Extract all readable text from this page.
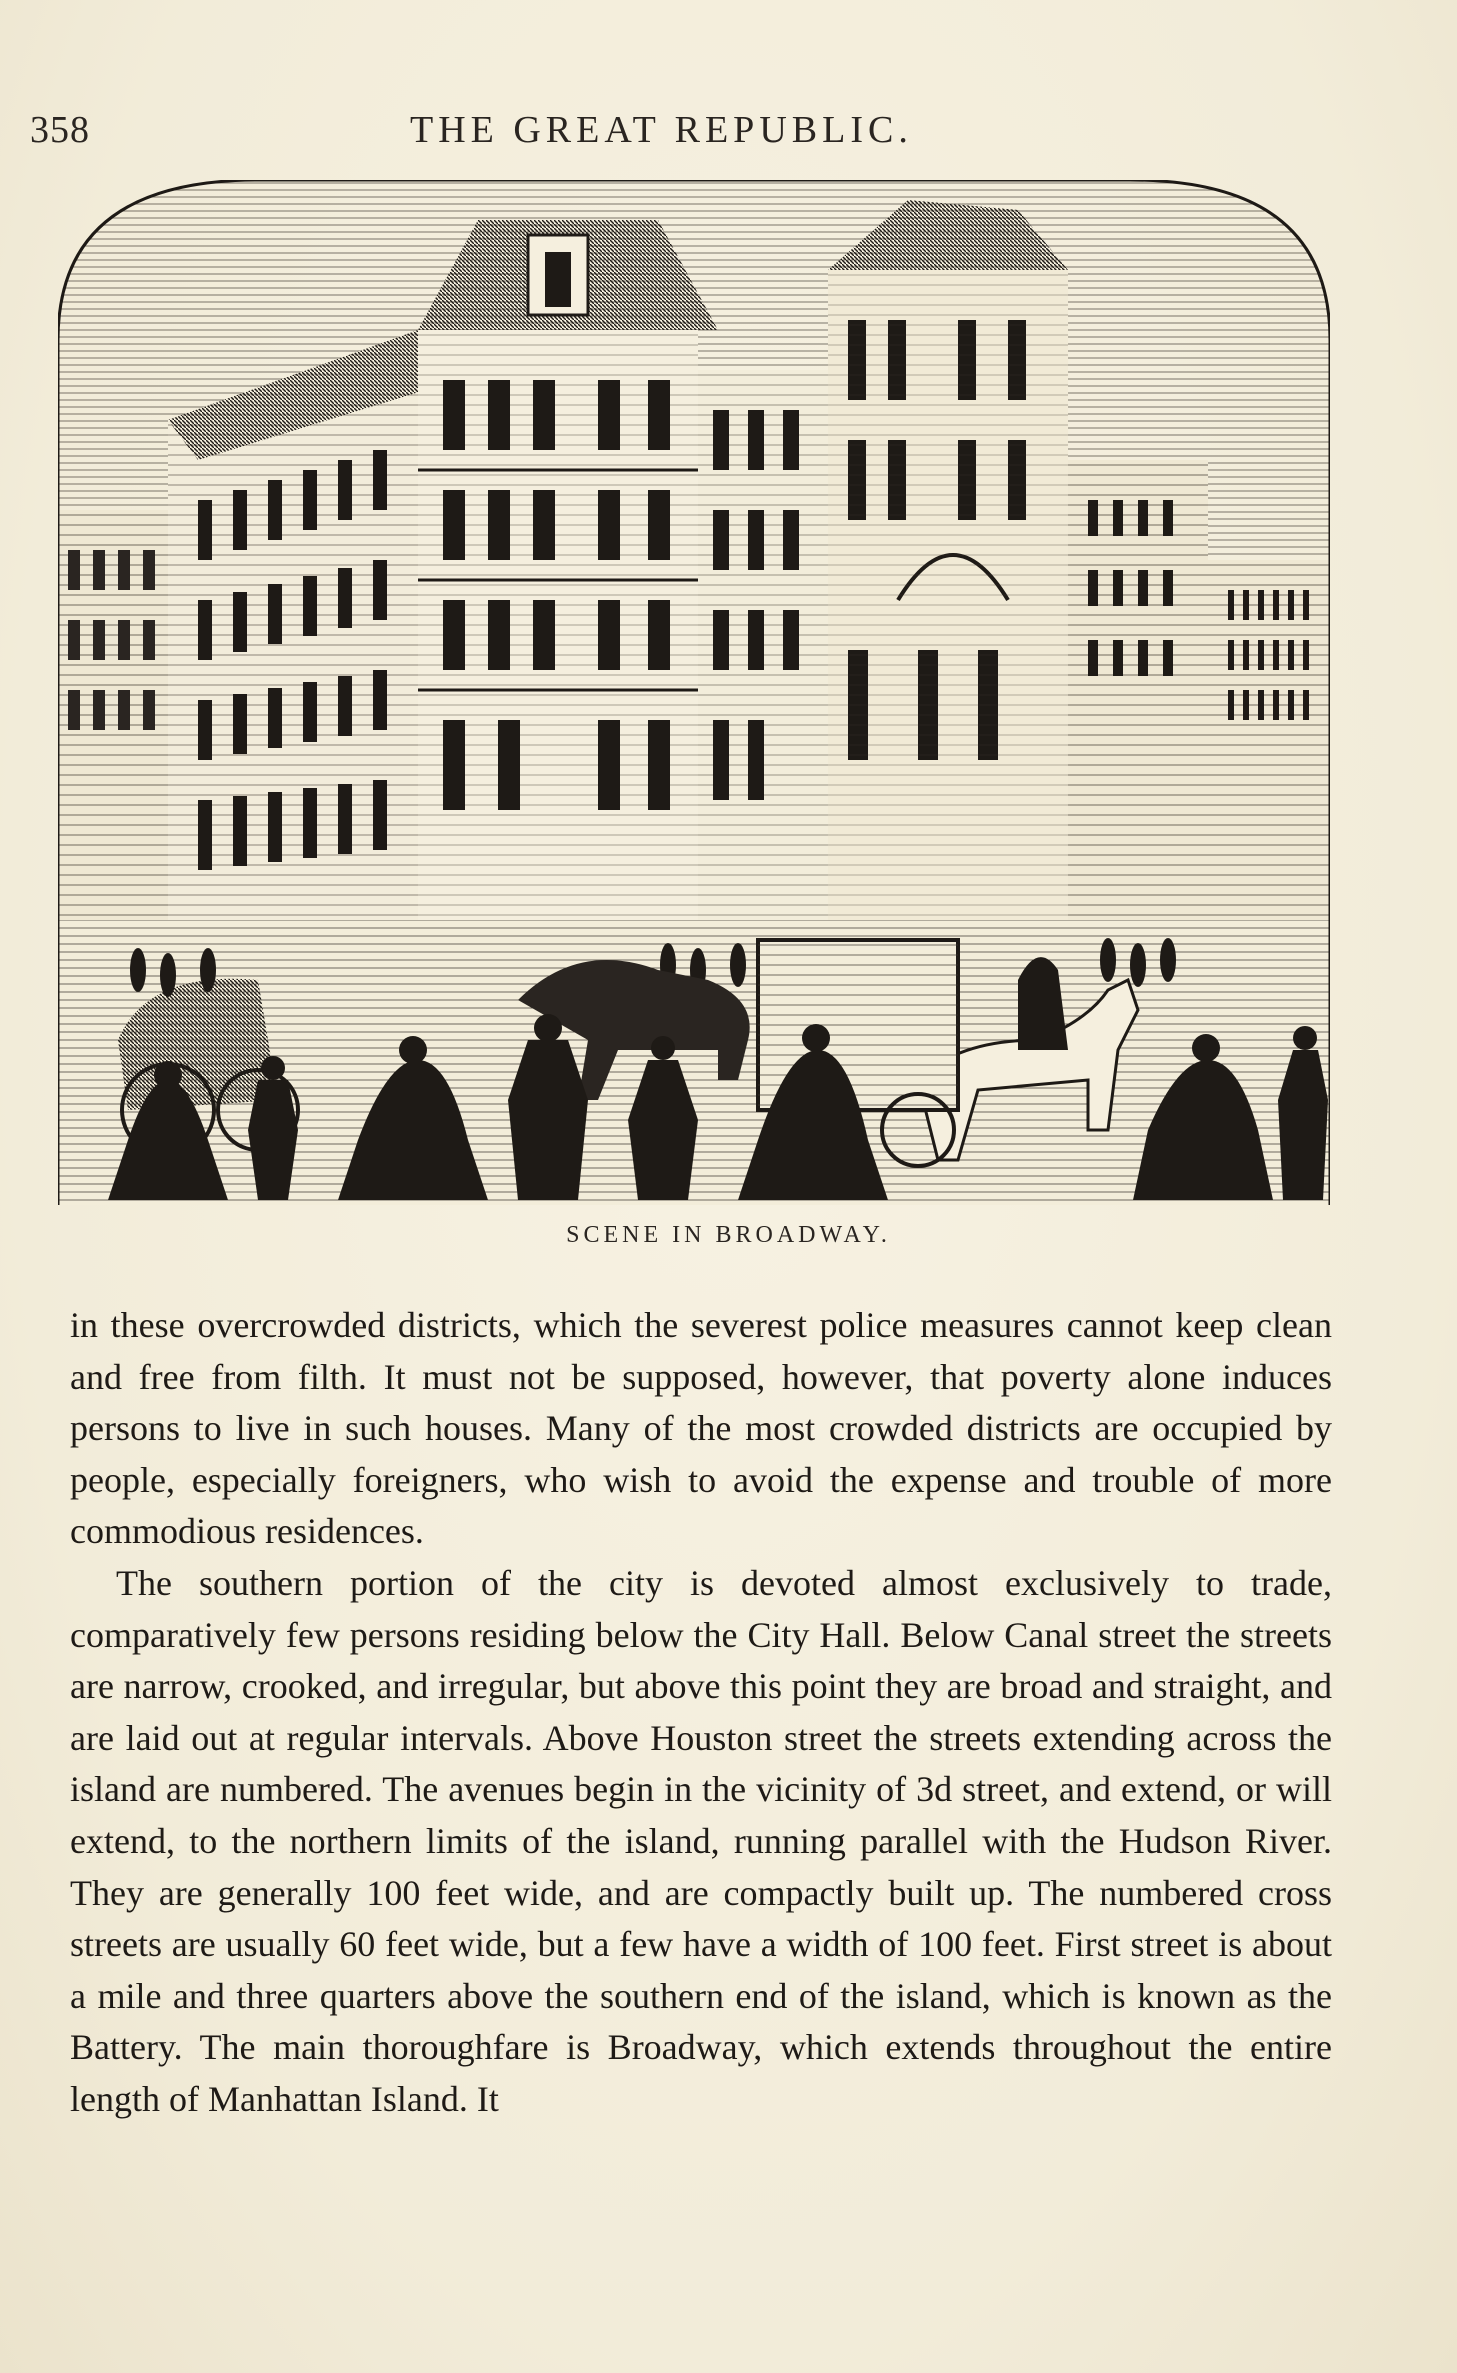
358	THE GREAT REPUBLIC.
SCENE IN BROADWAY.

in these overcrowded districts, which the severest police measures cannot keep clean and free from filth. It must not be supposed, however, that poverty alone induces persons to live in such houses. Many of the most crowded districts are occupied by people, especially foreigners, who wish to avoid the expense and trouble of more commodious residences.

The southern portion of the city is devoted almost exclusively to trade, comparatively few persons residing below the City Hall. Below Canal street the streets are narrow, crooked, and irregular, but above this point they are broad and straight, and are laid out at regular intervals. Above Houston street the streets extending across the island are numbered. The avenues begin in the vicinity of 3d street, and extend, or will extend, to the northern limits of the island, running parallel with the Hudson River. They are generally 100 feet wide, and are compactly built up. The numbered cross streets are usually 60 feet wide, but a few have a width of 100 feet. First street is about a mile and three quarters above the southern end of the island, which is known as the Battery. The main thoroughfare is Broadway, which extends throughout the entire length of Manhattan Island. It
